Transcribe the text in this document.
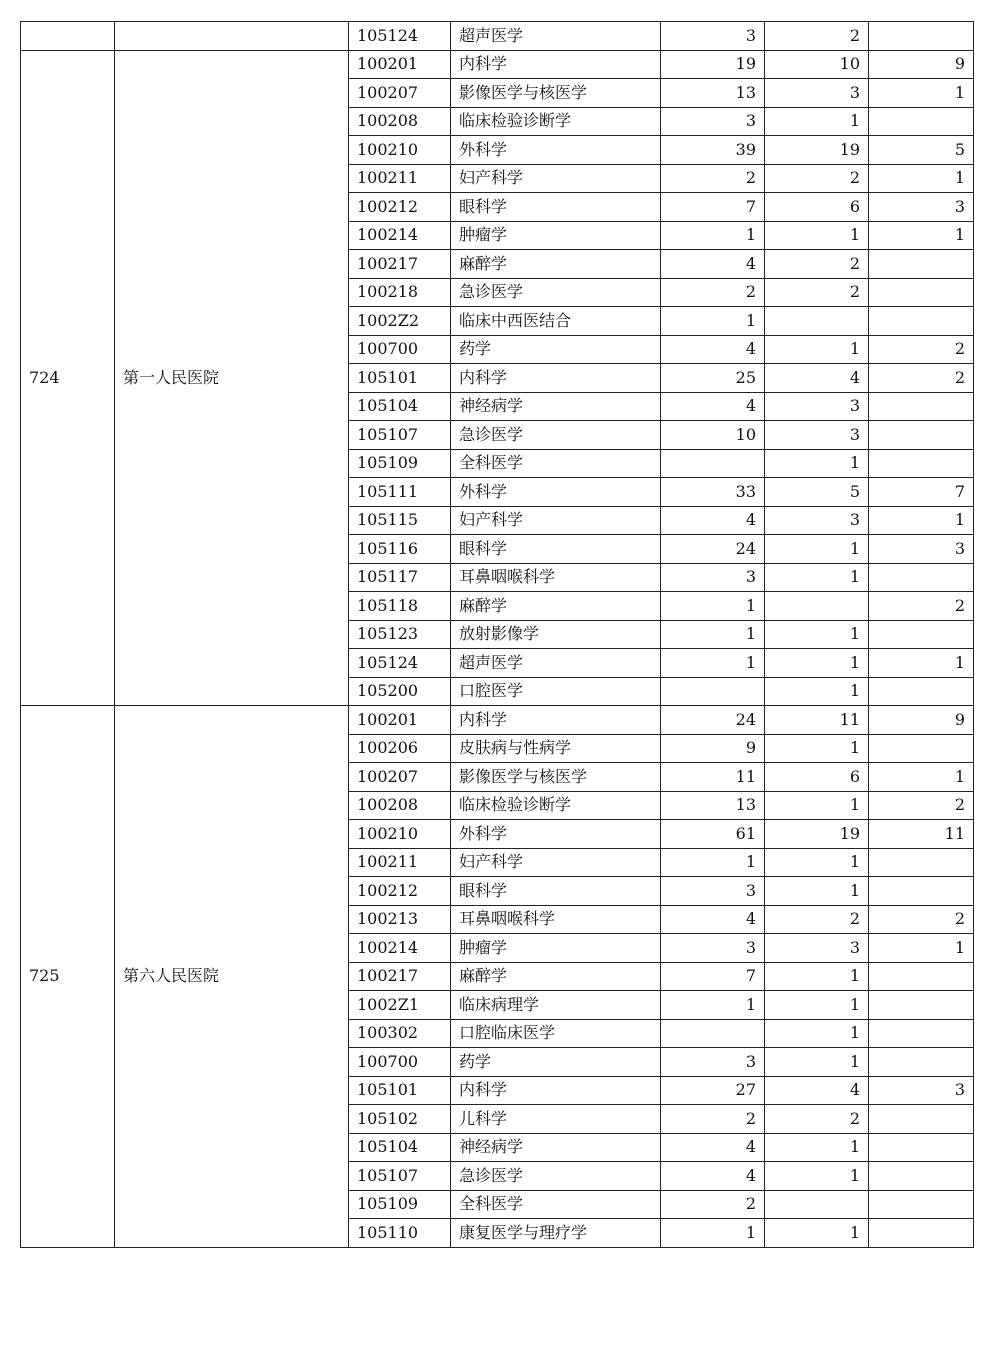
		105124	超声医学	3	2	
724	第一人民医院	100201	内科学	19	10	9
		100207	影像医学与核医学	13	3	1
		100208	临床检验诊断学	3	1	
		100210	外科学	39	19	5
		100211	妇产科学	2	2	1
		100212	眼科学	7	6	3
		100214	肿瘤学	1	1	1
		100217	麻醉学	4	2	
		100218	急诊医学	2	2	
		1002Z2	临床中西医结合	1		
		100700	药学	4	1	2
		105101	内科学	25	4	2
		105104	神经病学	4	3	
		105107	急诊医学	10	3	
		105109	全科医学		1	
		105111	外科学	33	5	7
		105115	妇产科学	4	3	1
		105116	眼科学	24	1	3
		105117	耳鼻咽喉科学	3	1	
		105118	麻醉学	1		2
		105123	放射影像学	1	1	
		105124	超声医学	1	1	1
		105200	口腔医学		1	
725	第六人民医院	100201	内科学	24	11	9
		100206	皮肤病与性病学	9	1	
		100207	影像医学与核医学	11	6	1
		100208	临床检验诊断学	13	1	2
		100210	外科学	61	19	11
		100211	妇产科学	1	1	
		100212	眼科学	3	1	
		100213	耳鼻咽喉科学	4	2	2
		100214	肿瘤学	3	3	1
		100217	麻醉学	7	1	
		1002Z1	临床病理学	1	1	
		100302	口腔临床医学		1	
		100700	药学	3	1	
		105101	内科学	27	4	3
		105102	儿科学	2	2	
		105104	神经病学	4	1	
		105107	急诊医学	4	1	
		105109	全科医学	2		
		105110	康复医学与理疗学	1	1	
